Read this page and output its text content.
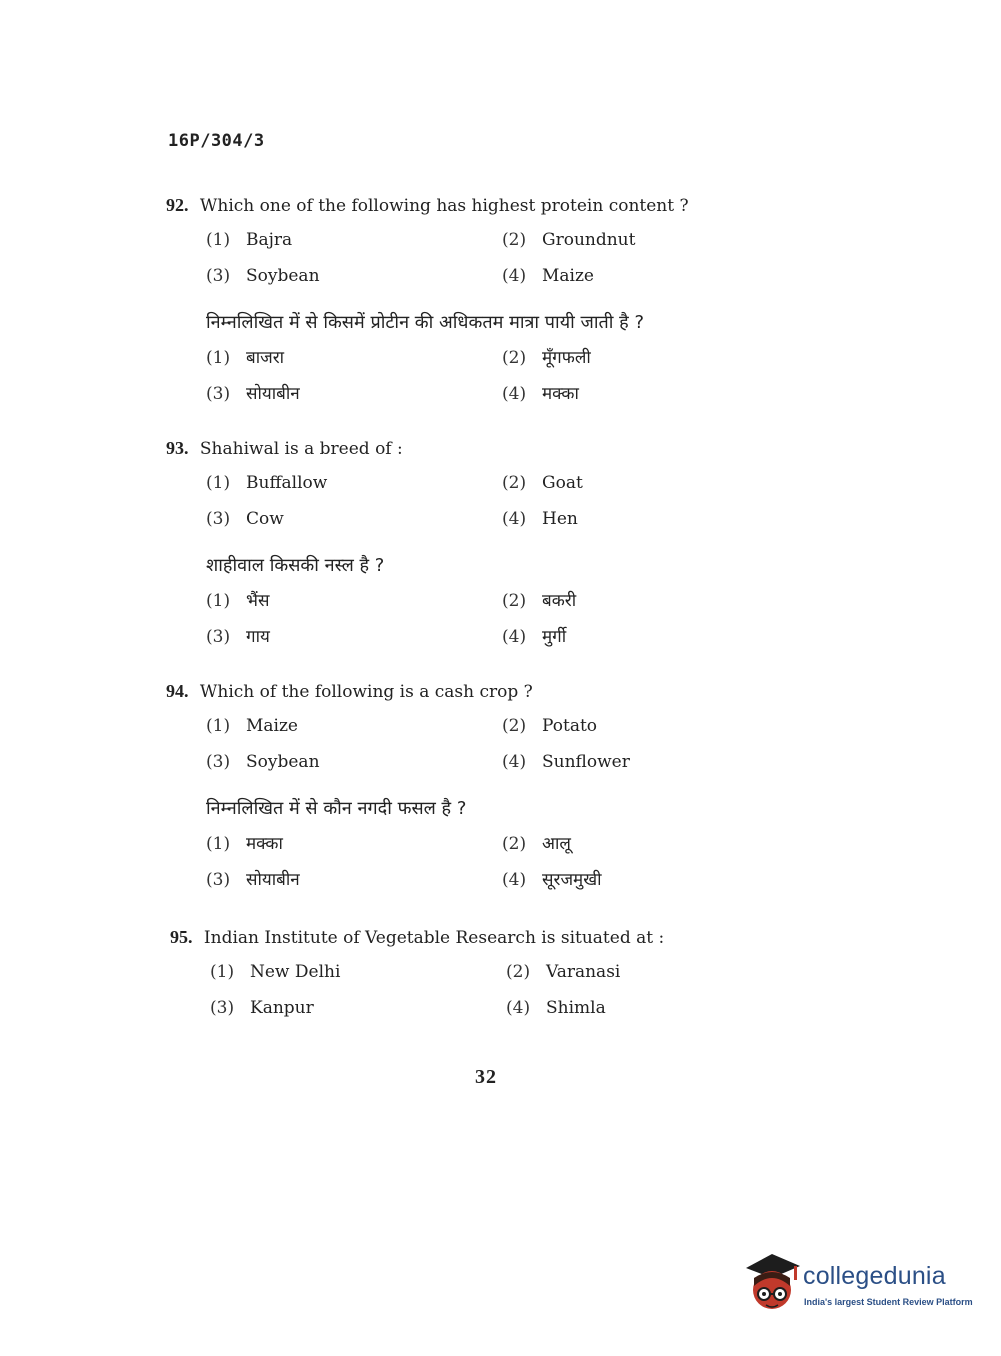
16P/304/3
92. Which one of the following has highest protein content ?
(1) Bajra	(2) Groundnut
(3) Soybean	(4) Maize
निम्नलिखित में से किसमें प्रोटीन की अधिकतम मात्रा पायी जाती है ?
(1) बाजरा	(2) मूँगफली
(3) सोयाबीन	(4) मक्का
93. Shahiwal is a breed of :
(1) Buffallow	(2) Goat
(3) Cow	(4) Hen
शाहीवाल किसकी नस्ल है ?
(1) भैंस	(2) बकरी
(3) गाय	(4) मुर्गी
94. Which of the following is a cash crop ?
(1) Maize	(2) Potato
(3) Soybean	(4) Sunflower
निम्नलिखित में से कौन नगदी फसल है ?
(1) मक्का	(2) आलू
(3) सोयाबीन	(4) सूरजमुखी
95. Indian Institute of Vegetable Research is situated at :
(1) New Delhi	(2) Varanasi
(3) Kanpur	(4) Shimla
32
collegedunia
India's largest Student Review Platform
